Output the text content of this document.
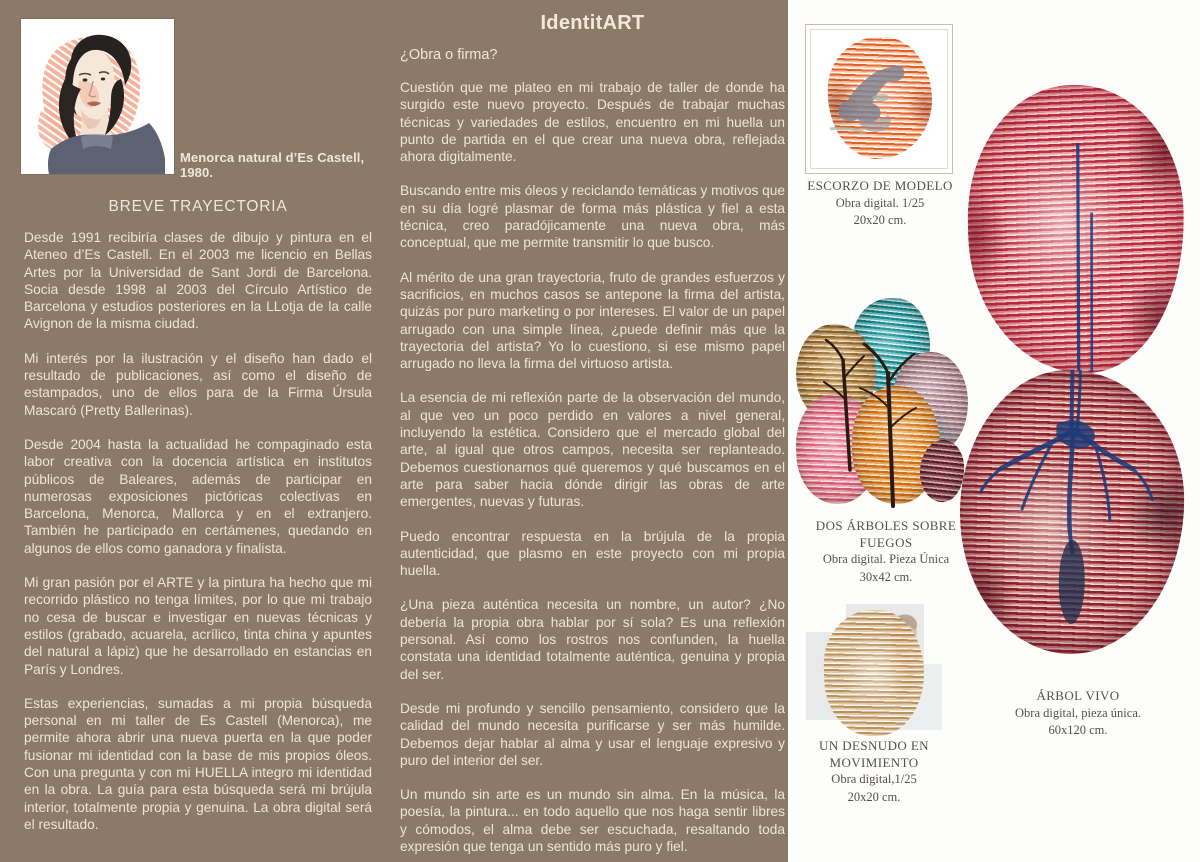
Menorca natural d’Es Castell, 1980.
BREVE TRAYECTORIA

Desde 1991 recibiría clases de dibujo y pintura en el Ateneo d’Es Castell. En el 2003 me licencio en Bellas Artes por la Universidad de Sant Jordi de Barcelona. Socia desde 1998 al 2003 del Círculo Artístico de Barcelona y estudios posteriores en la LLotja de la calle Avignon de la misma ciudad.

Mi interés por la ilustración y el diseño han dado el resultado de publicaciones, así como el diseño de estampados, uno de ellos para de la Firma Úrsula Mascaró (Pretty Ballerinas).

Desde 2004 hasta la actualidad he compaginado esta labor creativa con la docencia artística en institutos públicos de Baleares, además de participar en numerosas exposiciones pictóricas colectivas en Barcelona, Menorca, Mallorca y en el extranjero. También he participado en certámenes, quedando en algunos de ellos como ganadora y finalista.

Mi gran pasión por el ARTE y la pintura ha hecho que mi recorrido plástico no tenga límites, por lo que mi trabajo no cesa de buscar e investigar en nuevas técnicas y estilos (grabado, acuarela, acrílico, tinta china y apuntes del natural a lápiz) que he desarrollado en estancias en París y Londres.

Estas experiencias, sumadas a mi propia búsqueda personal en mi taller de Es Castell (Menorca), me permite ahora abrir una nueva puerta en la que poder fusionar mi identidad con la base de mis propios óleos. Con una pregunta y con mi HUELLA integro mi identidad en la obra. La guía para esta búsqueda será mi brújula interior, totalmente propia y genuina. La obra digital será el resultado.

IdentitART
¿Obra o firma?

Cuestión que me plateo en mi trabajo de taller de donde ha surgido este nuevo proyecto. Después de trabajar muchas técnicas y variedades de estilos, encuentro en mi huella un punto de partida en el que crear una nueva obra, reflejada ahora digitalmente.

Buscando entre mis óleos y reciclando temáticas y motivos que en su día logré plasmar de forma más plástica y fiel a esta técnica, creo paradójicamente una nueva obra, más conceptual, que me permite transmitir lo que busco.

Al mérito de una gran trayectoria, fruto de grandes esfuerzos y sacrificios, en muchos casos se antepone la firma del artista, quizás por puro marketing o por intereses. El valor de un papel arrugado con una simple línea, ¿puede definir más que la trayectoria del artista? Yo lo cuestiono, si ese mismo papel arrugado no lleva la firma del virtuoso artista.

La esencia de mi reflexión parte de la observación del mundo, al que veo un poco perdido en valores a nivel general, incluyendo la estética. Considero que el mercado global del arte, al igual que otros campos, necesita ser replanteado. Debemos cuestionarnos qué queremos y qué buscamos en el arte para saber hacia dónde dirigir las obras de arte emergentes, nuevas y futuras.

Puedo encontrar respuesta en la brújula de la propia autenticidad, que plasmo en este proyecto con mi propia huella.

¿Una pieza auténtica necesita un nombre, un autor? ¿No debería la propia obra hablar por sí sola? Es una reflexión personal. Así como los rostros nos confunden, la huella constata una identidad totalmente auténtica, genuina y propia del ser.

Desde mi profundo y sencillo pensamiento, considero que la calidad del mundo necesita purificarse y ser más humilde. Debemos dejar hablar al alma y usar el lenguaje expresivo y puro del interior del ser.

Un mundo sin arte es un mundo sin alma. En la música, la poesía, la pintura... en todo aquello que nos haga sentir libres y cómodos, el alma debe ser escuchada, resaltando toda expresión que tenga un sentido más puro y fiel.

ESCORZO DE MODELO
Obra digital. 1/25
20x20 cm.
DOS ÁRBOLES SOBRE FUEGOS
Obra digital. Pieza Única
30x42 cm.
UN DESNUDO EN MOVIMIENTO
Obra digital,1/25
20x20 cm.
ÁRBOL VIVO
Obra digital, pieza única.
60x120 cm.
